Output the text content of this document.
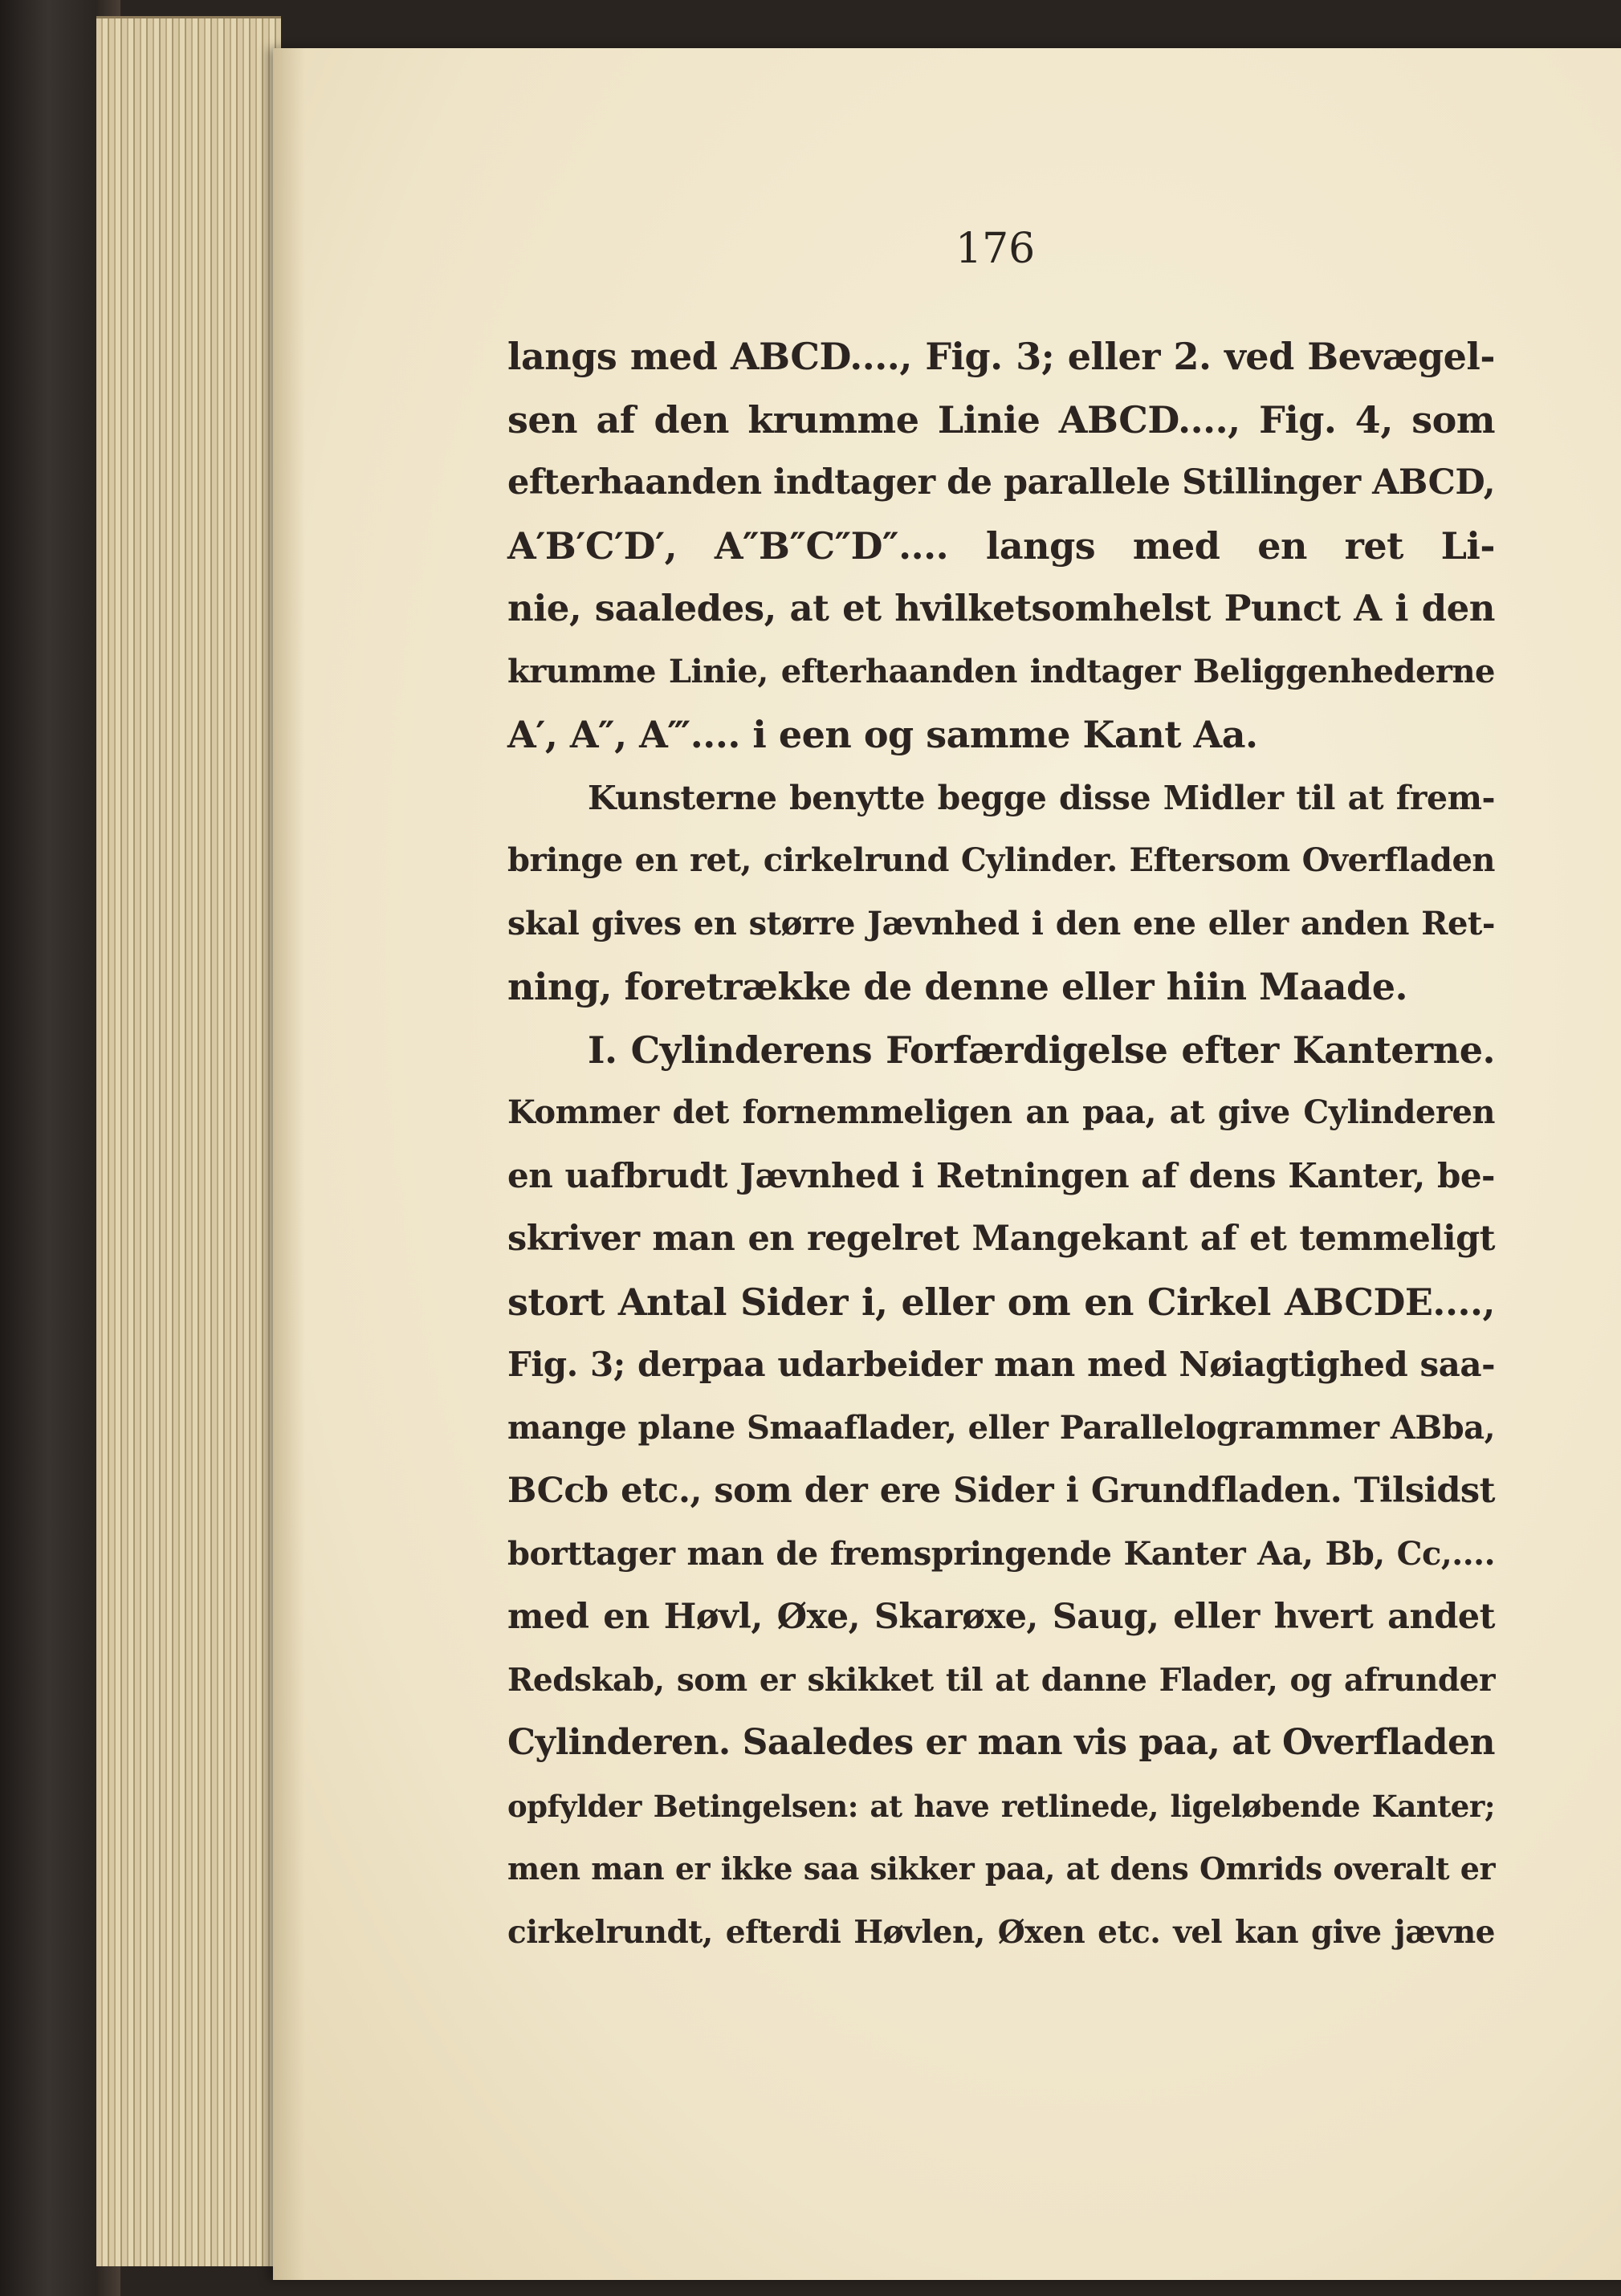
176
langs med ABCD...., Fig. 3; eller 2. ved Bevægel-
sen af den krumme Linie ABCD...., Fig. 4, som
efterhaanden indtager de parallele Stillinger ABCD,
A′B′C′D′, A″B″C″D″.... langs med en ret Li-
nie, saaledes, at et hvilketsomhelst Punct A i den
krumme Linie, efterhaanden indtager Beliggenhederne
A′, A″, A‴.... i een og samme Kant Aa.
Kunsterne benytte begge disse Midler til at frem-
bringe en ret, cirkelrund Cylinder. Eftersom Overfladen
skal gives en større Jævnhed i den ene eller anden Ret-
ning, foretrække de denne eller hiin Maade.
I. Cylinderens Forfærdigelse efter Kanterne.
Kommer det fornemmeligen an paa, at give Cylinderen
en uafbrudt Jævnhed i Retningen af dens Kanter, be-
skriver man en regelret Mangekant af et temmeligt
stort Antal Sider i, eller om en Cirkel ABCDE....,
Fig. 3; derpaa udarbeider man med Nøiagtighed saa-
mange plane Smaaflader, eller Parallelogrammer ABba,
BCcb etc., som der ere Sider i Grundfladen. Tilsidst
borttager man de fremspringende Kanter Aa, Bb, Cc,....
med en Høvl, Øxe, Skarøxe, Saug, eller hvert andet
Redskab, som er skikket til at danne Flader, og afrunder
Cylinderen. Saaledes er man vis paa, at Overfladen
opfylder Betingelsen: at have retlinede, ligeløbende Kanter;
men man er ikke saa sikker paa, at dens Omrids overalt er
cirkelrundt, efterdi Høvlen, Øxen etc. vel kan give jævne
